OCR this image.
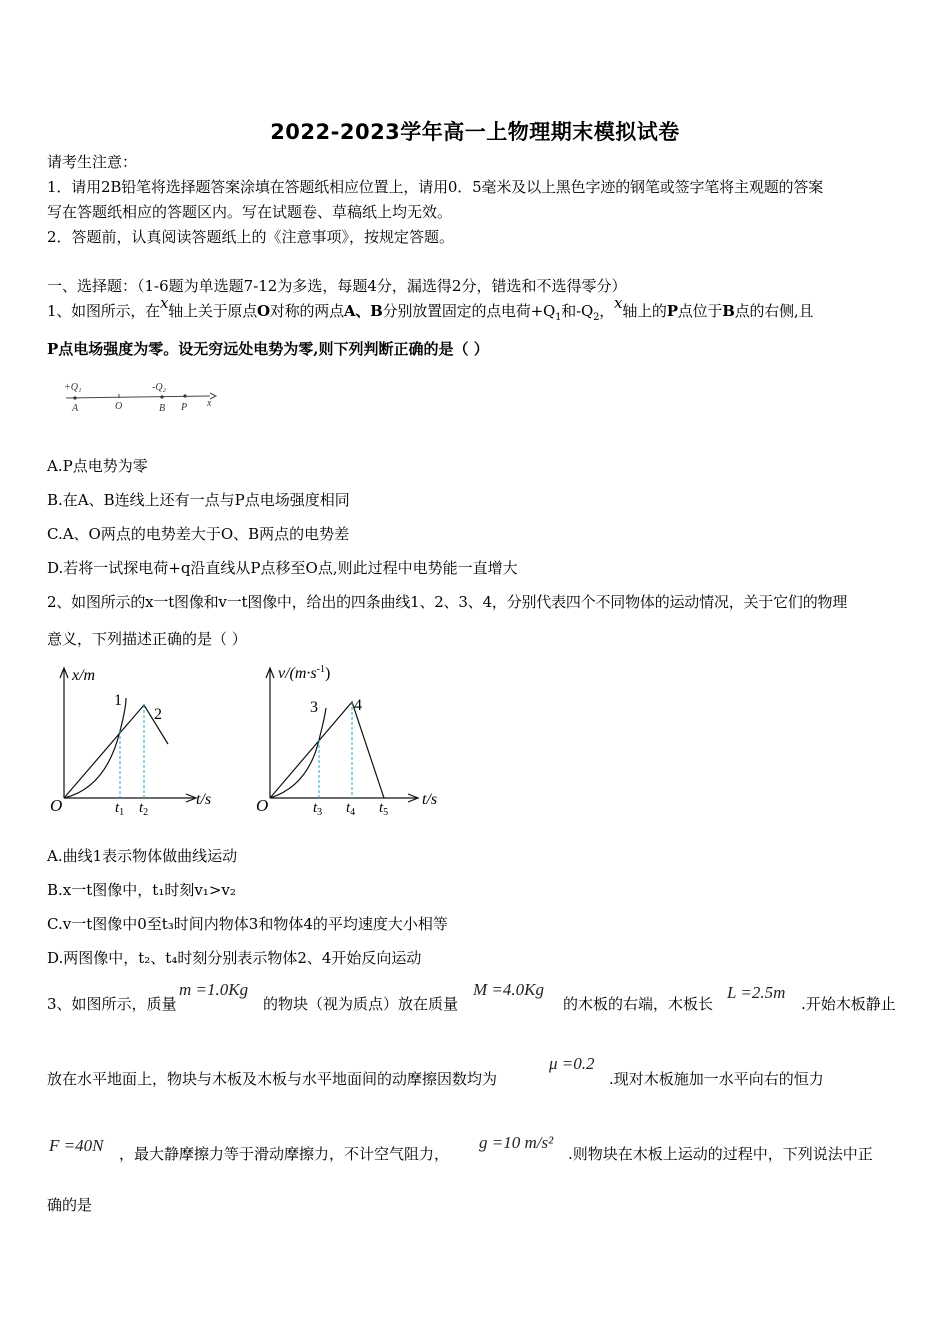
2022-2023学年高一上物理期末模拟试卷
请考生注意：
1．请用2B铅笔将选择题答案涂填在答题纸相应位置上，请用0．5毫米及以上黑色字迹的钢笔或签字笔将主观题的答案
写在答题纸相应的答题区内。写在试题卷、草稿纸上均无效。
2．答题前，认真阅读答题纸上的《注意事项》，按规定答题。
一、选择题：（1-6题为单选题7-12为多选，每题4分，漏选得2分，错选和不选得零分）
1、如图所示，在x轴上关于原点O对称的两点A、B分别放置固定的点电荷$+Q_1$和$-Q_2$，x轴上的P点位于B点的右侧,且
P点电场强度为零。设无穷远处电势为零,则下列判断正确的是（ ）
+Q₁	-Q₂
A	O	B P x
A.P点电势为零
B.在A、B连线上还有一点与P点电场强度相同
C.A、O两点的电势差大于O、B两点的电势差
D.若将一试探电荷+q沿直线从P点移至O点,则此过程中电势能一直增大
2、如图所示的x一t图像和v一t图像中，给出的四条曲线1、2、3、4，分别代表四个不同物体的运动情况，关于它们的物理
意义，下列描述正确的是（ ）
x/m
t/s
O
1
2
$t_1$ $t_2$
$v/(m\cdot s^{-1})$
t/s
O
3 4
$t_3$ $t_4$ $t_5$
A.曲线1表示物体做曲线运动
B.x一t图像中，t₁时刻v₁>v₂
C.v一t图像中0至t₃时间内物体3和物体4的平均速度大小相等
D.两图像中，t₂、t₄时刻分别表示物体2、4开始反向运动
3、如图所示，质量
m =1.0Kg
的物块（视为质点）放在质量
M =4.0Kg
的木板的右端，木板长
L =2.5m
.开始木板静止
放在水平地面上，物块与木板及木板与水平地面间的动摩擦因数均为
μ =0.2
.现对木板施加一水平向右的恒力
F =40N ，最大静摩擦力等于滑动摩擦力，不计空气阻力，
g =10 m/s²
.则物块在木板上运动的过程中，下列说法中正
确的是
